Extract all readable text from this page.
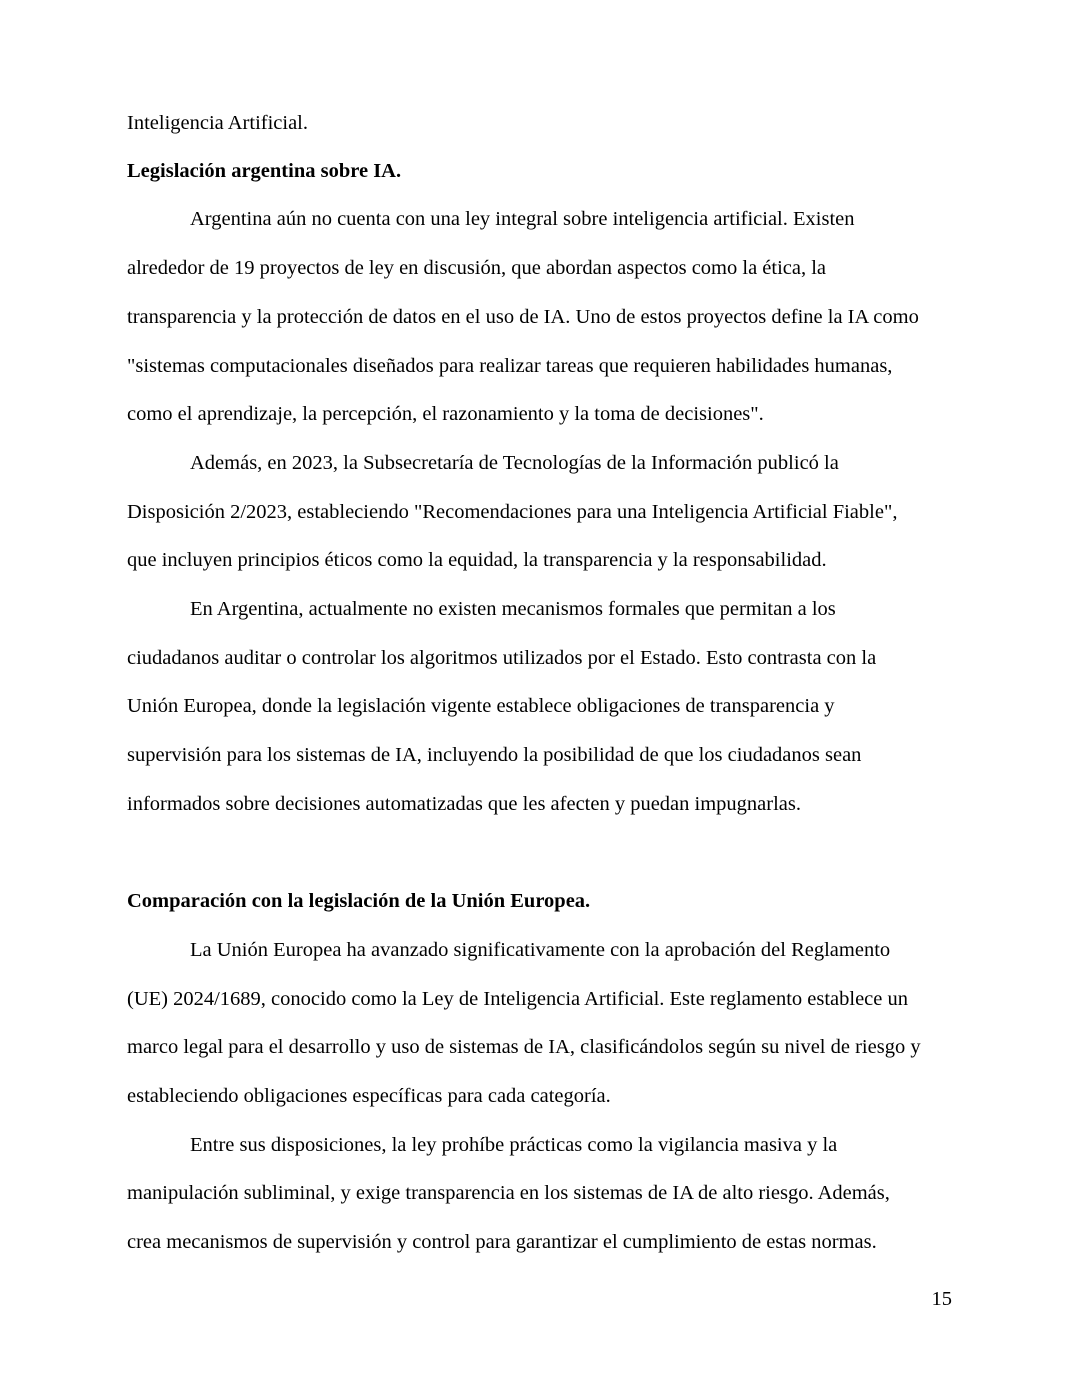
Inteligencia Artificial.
Legislación argentina sobre IA.
Argentina aún no cuenta con una ley integral sobre inteligencia artificial. Existen
alrededor de 19 proyectos de ley en discusión, que abordan aspectos como la ética, la
transparencia y la protección de datos en el uso de IA. Uno de estos proyectos define la IA como
"sistemas computacionales diseñados para realizar tareas que requieren habilidades humanas,
como el aprendizaje, la percepción, el razonamiento y la toma de decisiones".
Además, en 2023, la Subsecretaría de Tecnologías de la Información publicó la
Disposición 2/2023, estableciendo "Recomendaciones para una Inteligencia Artificial Fiable",
que incluyen principios éticos como la equidad, la transparencia y la responsabilidad.
En Argentina, actualmente no existen mecanismos formales que permitan a los
ciudadanos auditar o controlar los algoritmos utilizados por el Estado. Esto contrasta con la
Unión Europea, donde la legislación vigente establece obligaciones de transparencia y
supervisión para los sistemas de IA, incluyendo la posibilidad de que los ciudadanos sean
informados sobre decisiones automatizadas que les afecten y puedan impugnarlas.
Comparación con la legislación de la Unión Europea.
La Unión Europea ha avanzado significativamente con la aprobación del Reglamento
(UE) 2024/1689, conocido como la Ley de Inteligencia Artificial. Este reglamento establece un
marco legal para el desarrollo y uso de sistemas de IA, clasificándolos según su nivel de riesgo y
estableciendo obligaciones específicas para cada categoría.
Entre sus disposiciones, la ley prohíbe prácticas como la vigilancia masiva y la
manipulación subliminal, y exige transparencia en los sistemas de IA de alto riesgo. Además,
crea mecanismos de supervisión y control para garantizar el cumplimiento de estas normas.
15
